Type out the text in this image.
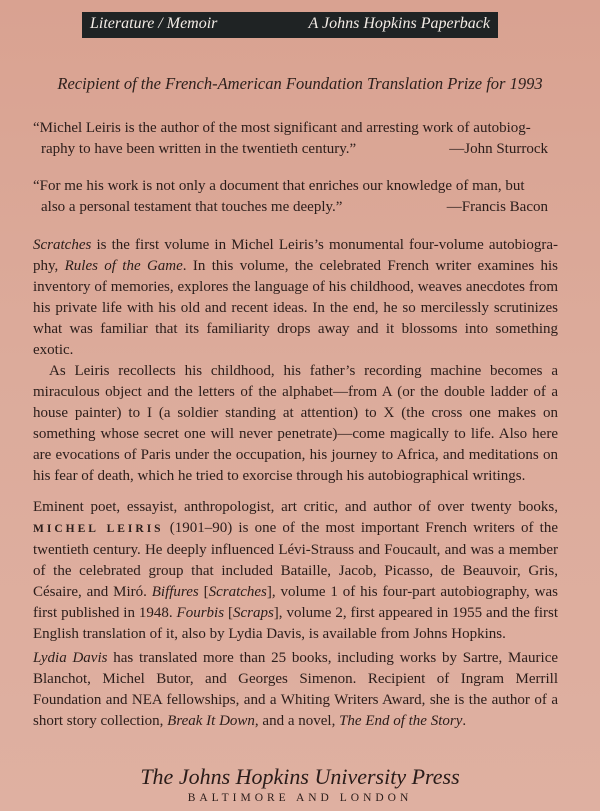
Literature / Memoir	A Johns Hopkins Paperback
Recipient of the French-American Foundation Translation Prize for 1993
“Michel Leiris is the author of the most significant and arresting work of autobiog-
raphy to have been written in the twentieth century.”	—John Sturrock
“For me his work is not only a document that enriches our knowledge of man, but
also a personal testament that touches me deeply.”	—Francis Bacon
Scratches is the first volume in Michel Leiris’s monumental four-volume autobiogra-phy, Rules of the Game. In this volume, the celebrated French writer examines his inventory of memories, explores the language of his childhood, weaves anecdotes from his private life with his old and recent ideas. In the end, he so mercilessly scrutinizes what was familiar that its familiarity drops away and it blossoms into something exotic.
As Leiris recollects his childhood, his father’s recording machine becomes a miraculous object and the letters of the alphabet—from A (or the double ladder of a house painter) to I (a soldier standing at attention) to X (the cross one makes on something whose secret one will never penetrate)—come magically to life. Also here are evocations of Paris under the occupation, his journey to Africa, and meditations on his fear of death, which he tried to exorcise through his autobiographical writings.
Eminent poet, essayist, anthropologist, art critic, and author of over twenty books, MICHEL LEIRIS (1901–90) is one of the most important French writers of the twentieth century. He deeply influenced Lévi-Strauss and Foucault, and was a member of the celebrated group that included Bataille, Jacob, Picasso, de Beauvoir, Gris, Césaire, and Miró. Biffures [Scratches], volume 1 of his four-part autobiography, was first published in 1948. Fourbis [Scraps], volume 2, first appeared in 1955 and the first English translation of it, also by Lydia Davis, is available from Johns Hopkins.
Lydia Davis has translated more than 25 books, including works by Sartre, Maurice Blanchot, Michel Butor, and Georges Simenon. Recipient of Ingram Merrill Foundation and NEA fellowships, and a Whiting Writers Award, she is the author of a short story collection, Break It Down, and a novel, The End of the Story.
The Johns Hopkins University Press
BALTIMORE AND LONDON
